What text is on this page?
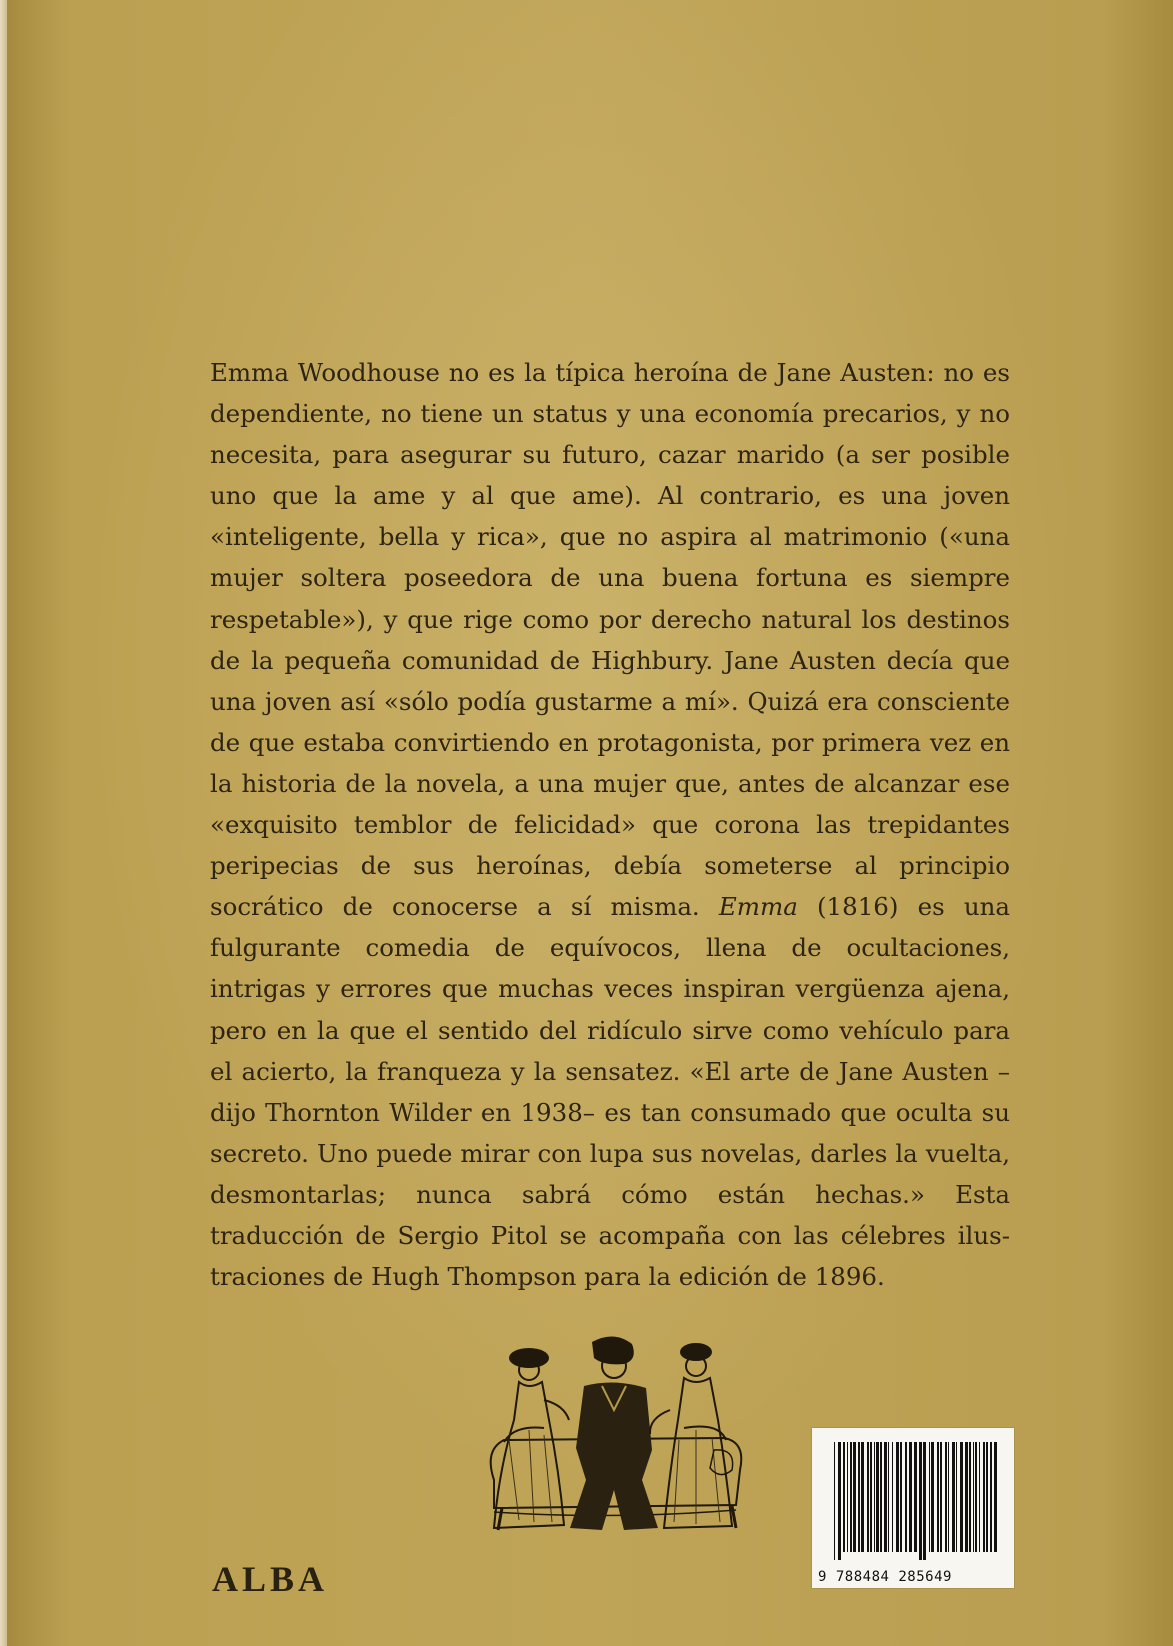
Emma Woodhouse no es la típica heroína de Jane Austen: no es dependiente, no tiene un status y una economía precarios, y no necesita, para asegurar su futuro, cazar marido (a ser posible uno que la ame y al que ame). Al contrario, es una joven «inteligente, bella y rica», que no aspira al matrimonio («una mujer soltera poseedora de una buena fortuna es siempre respetable»), y que rige como por derecho natural los destinos de la pequeña comunidad de Highbury. Jane Austen decía que una joven así «sólo podía gustarme a mí». Quizá era consciente de que estaba convirtiendo en protagonista, por primera vez en la historia de la novela, a una mujer que, antes de alcanzar ese «exquisito temblor de felicidad» que corona las trepidantes peripecias de sus heroínas, debía someterse al principio socrático de conocerse a sí misma. Emma (1816) es una fulgurante comedia de equívocos, llena de ocultaciones, intrigas y errores que muchas veces inspiran vergüenza ajena, pero en la que el sentido del ridículo sirve como vehículo para el acierto, la franqueza y la sensatez. «El arte de Jane Austen –dijo Thornton Wilder en 1938– es tan consumado que oculta su secreto. Uno puede mirar con lupa sus novelas, darles la vuelta, desmontarlas; nunca sabrá cómo están hechas.» Esta traducción de Sergio Pitol se acompaña con las célebres ilustraciones de Hugh Thompson para la edición de 1896.

ALBA	9 788484 285649
